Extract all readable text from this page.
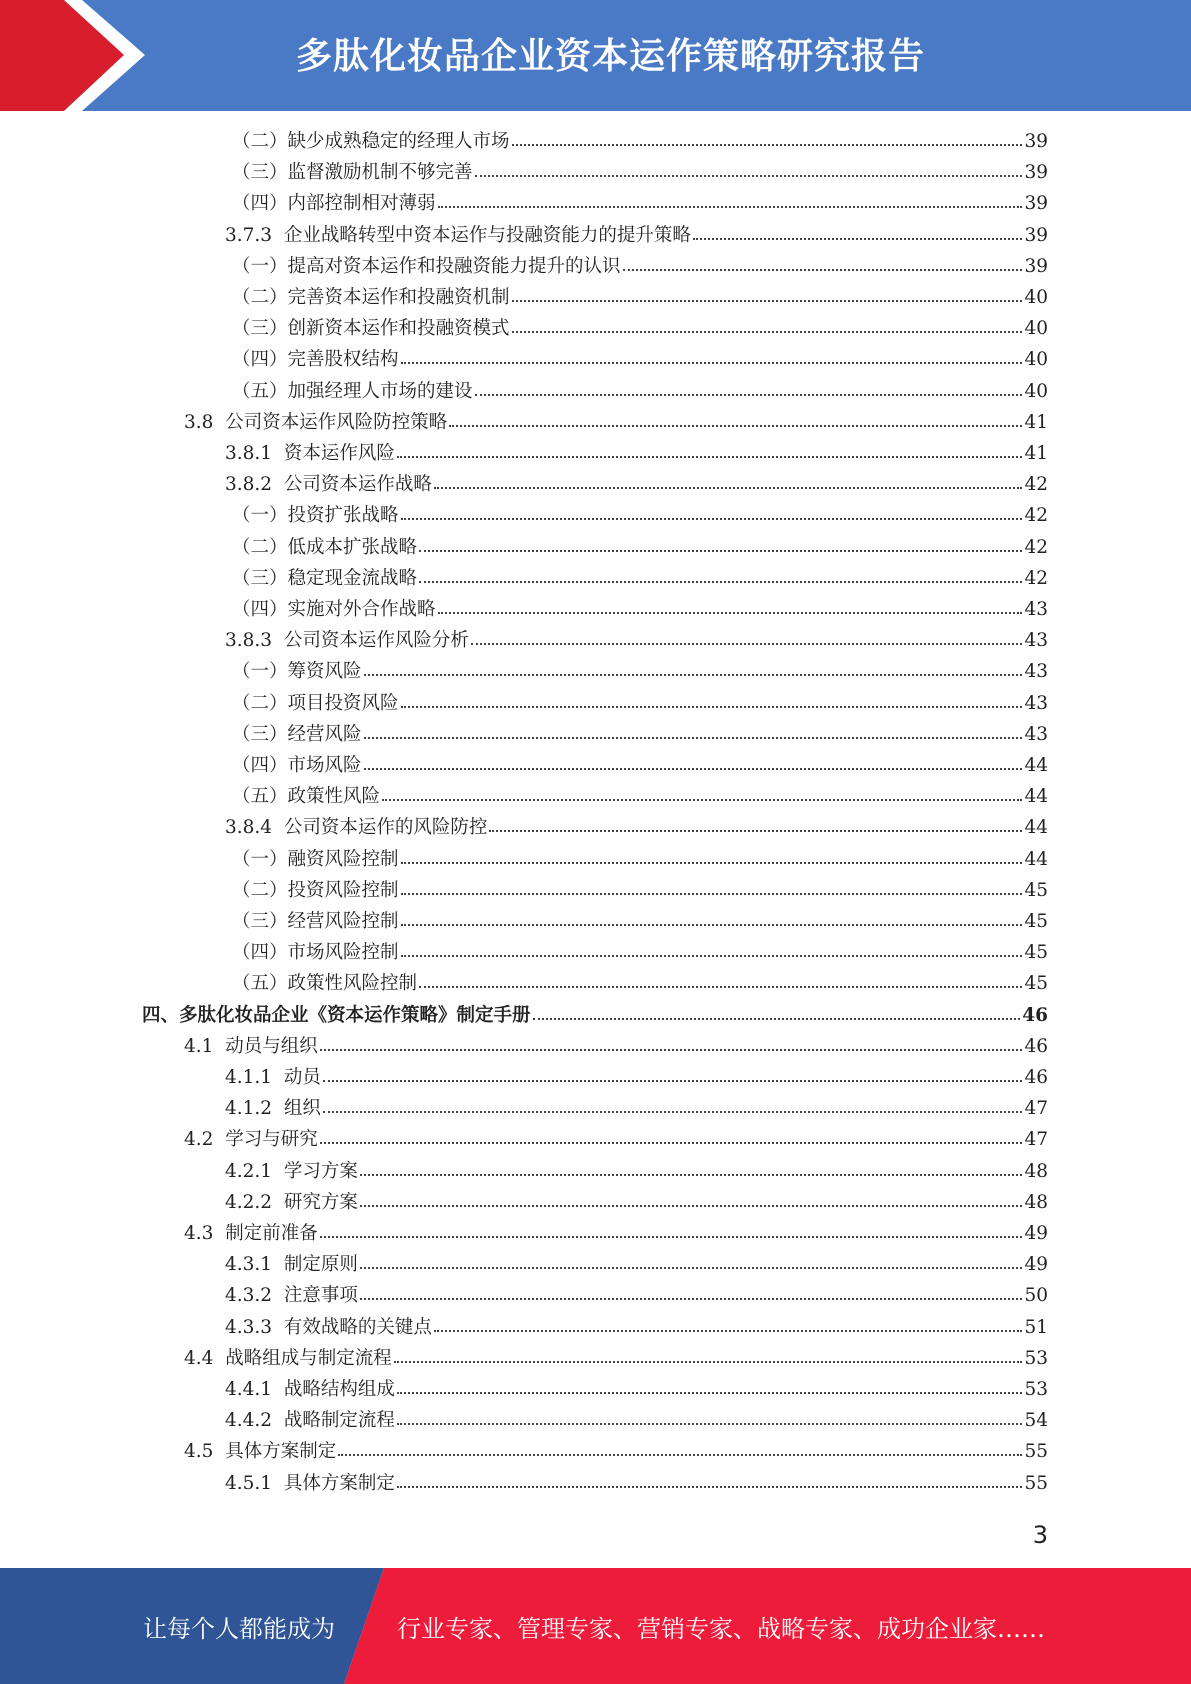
多肽化妆品企业资本运作策略研究报告
（二）缺少成熟稳定的经理人市场	39
（三）监督激励机制不够完善	39
（四）内部控制相对薄弱	39
3.7.3 企业战略转型中资本运作与投融资能力的提升策略	39
（一）提高对资本运作和投融资能力提升的认识	39
（二）完善资本运作和投融资机制	40
（三）创新资本运作和投融资模式	40
（四）完善股权结构	40
（五）加强经理人市场的建设	40
3.8 公司资本运作风险防控策略	41
3.8.1 资本运作风险	41
3.8.2 公司资本运作战略	42
（一）投资扩张战略	42
（二）低成本扩张战略	42
（三）稳定现金流战略	42
（四）实施对外合作战略	43
3.8.3 公司资本运作风险分析	43
（一）筹资风险	43
（二）项目投资风险	43
（三）经营风险	43
（四）市场风险	44
（五）政策性风险	44
3.8.4 公司资本运作的风险防控	44
（一）融资风险控制	44
（二）投资风险控制	45
（三）经营风险控制	45
（四）市场风险控制	45
（五）政策性风险控制	45
四、多肽化妆品企业《资本运作策略》制定手册	46
4.1 动员与组织	46
4.1.1 动员	46
4.1.2 组织	47
4.2 学习与研究	47
4.2.1 学习方案	48
4.2.2 研究方案	48
4.3 制定前准备	49
4.3.1 制定原则	49
4.3.2 注意事项	50
4.3.3 有效战略的关键点	51
4.4 战略组成与制定流程	53
4.4.1 战略结构组成	53
4.4.2 战略制定流程	54
4.5 具体方案制定	55
4.5.1 具体方案制定	55
3
让每个人都能成为	行业专家、管理专家、营销专家、战略专家、成功企业家……
